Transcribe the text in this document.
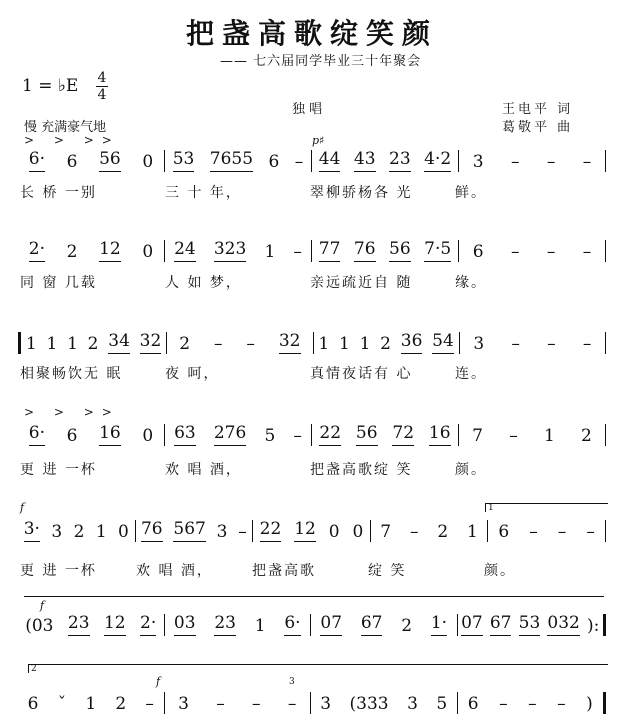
把盏高歌绽笑颜
—— 七六届同学毕业三十年聚会
1 = ♭E 4
4
独 唱
慢 充满豪气地
王电平 词
葛敬平 曲
> > >>	p♯
> > >>
f
f
f
1
2
3
6· 6 56 0 53 7655 6 – 44 43 23 4·2 3 – – –
长 桥 一别	三 十 年，	翠柳骄杨各 光	鲜。
2· 2 12 0 24 323 1 – 77 76 56 7·5 6 – – –
同 窗 几载	人 如 梦，	亲远疏近自 随	缘。
1 1 1 2 34 32 2 – – 32 1 1 1 2 36 54 3 – – –
相聚畅饮无 眠	夜 呵，	真情夜话有 心	连。
6· 6 16 0 63 276 5 – 22 56 72 16 7 – 1 2
更 进 一杯	欢 唱 酒，	把盏高歌绽 笑	颜。
3· 3 2 1 0 76 567 3 – 22 12 0 0 7 – 2 1 6 – – –
更 进 一杯	欢 唱 酒，	把盏高歌	绽 笑	颜。
(03 23 12 2· 03 23 1 6· 07 67 2 1· 07 67 53 032 ):
6 ˇ 1 2 – 3 – – – 3 (333 3 5 6 – – – )
